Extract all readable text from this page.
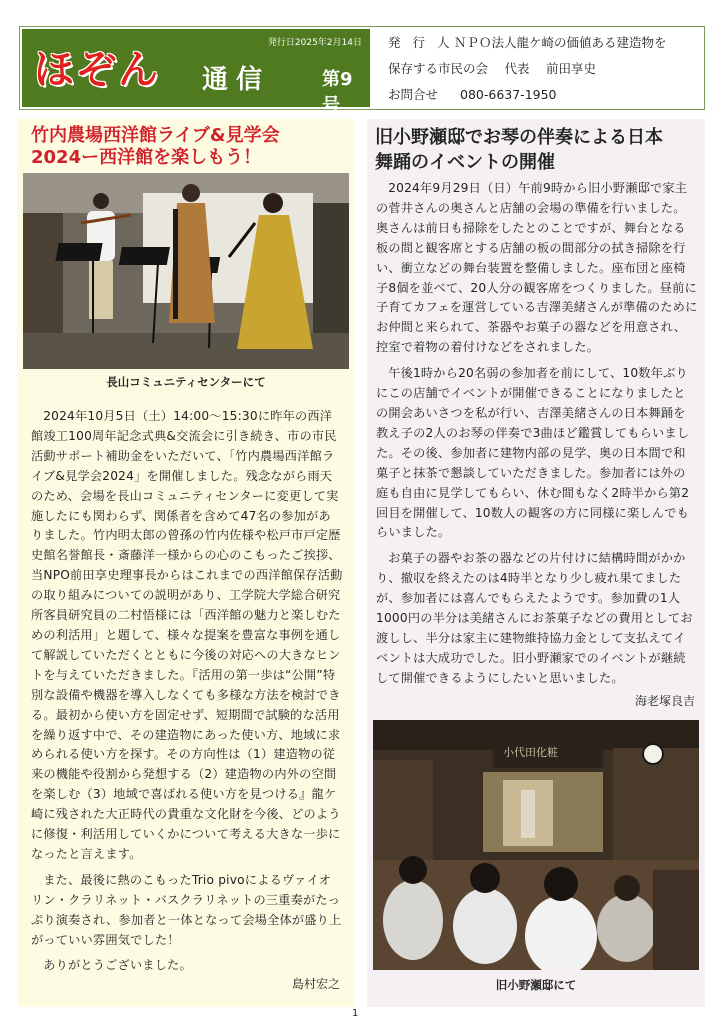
発行日2025年2月14日
ほぞん 通信	第9号
発 行 人ＮＰＯ法人龍ケ崎の価値ある建造物を
保存する市民の会　 代表　 前田享史
お問合せ 080-6637-1950
竹内農場西洋館ライブ&見学会
2024ー西洋館を楽しもう！
長山コミュニティセンターにて

2024年10月5日（土）14:00～15:30に昨年の西洋館竣工100周年記念式典&交流会に引き続き、市の市民活動サポート補助金をいただいて、「竹内農場西洋館ライブ&見学会2024」を開催しました。残念ながら雨天のため、会場を長山コミュニティセンターに変更して実施したにも関わらず、関係者を含めて47名の参加がありました。竹内明太郎の曾孫の竹内佐様や松戸市戸定歴史館名誉館長・斎藤洋一様からの心のこもったご挨拶、当NPO前田享史理事長からはこれまでの西洋館保存活動の取り組みについての説明があり、工学院大学総合研究所客員研究員の二村悟様には「西洋館の魅力と楽しむための利活用」と題して、様々な提案を豊富な事例を通して解説していただくとともに今後の対応への大きなヒントを与えていただきました。『活用の第一歩は“公開”特別な設備や機器を導入しなくても多様な方法を検討できる。最初から使い方を固定せず、短期間で試験的な活用を繰り返す中で、その建造物にあった使い方、地域に求められる使い方を探す。その方向性は（1）建造物の従来の機能や役割から発想する（2）建造物の内外の空間を楽しむ（3）地域で喜ばれる使い方を見つける』龍ケ崎に残された大正時代の貴重な文化財を今後、どのように修復・利活用していくかについて考える大きな一歩になったと言えます。

また、最後に熱のこもったTrio pivoによるヴァイオリン・クラリネット・バスクラリネットの三重奏がたっぷり演奏され、参加者と一体となって会場全体が盛り上がっていい雰囲気でした！

ありがとうございました。

島村宏之
旧小野瀬邸でお琴の伴奏による日本
舞踊のイベントの開催

2024年9月29日（日）午前9時から旧小野瀬邸で家主の菅井さんの奥さんと店舗の会場の準備を行いました。奥さんは前日も掃除をしたとのことですが、舞台となる板の間と観客席とする店舗の板の間部分の拭き掃除を行い、衝立などの舞台装置を整備しました。座布団と座椅子8個を並べて、20人分の観客席をつくりました。昼前に子育てカフェを運営している吉澤美緒さんが準備のためにお仲間と来られて、茶器やお菓子の器などを用意され、控室で着物の着付けなどをされました。

午後1時から20名弱の参加者を前にして、10数年ぶりにこの店舗でイベントが開催できることになりましたとの開会あいさつを私が行い、吉澤美緒さんの日本舞踊を教え子の2人のお琴の伴奏で3曲ほど鑑賞してもらいました。その後、参加者に建物内部の見学、奥の日本間で和菓子と抹茶で懇談していただきました。参加者には外の庭も自由に見学してもらい、休む間もなく2時半から第2回目を開催して、10数人の観客の方に同様に楽しんでもらいました。

お菓子の器やお茶の器などの片付けに結構時間がかかり、撤収を終えたのは4時半となり少し疲れ果てましたが、参加者には喜んでもらえたようです。参加費の1人1000円の半分は美緒さんにお茶菓子などの費用としてお渡しし、半分は家主に建物維持協力金として支払えてイベントは大成功でした。旧小野瀬家でのイベントが継続して開催できるようにしたいと思いました。

海老塚良吉
小代田化粧
旧小野瀬邸にて
1
